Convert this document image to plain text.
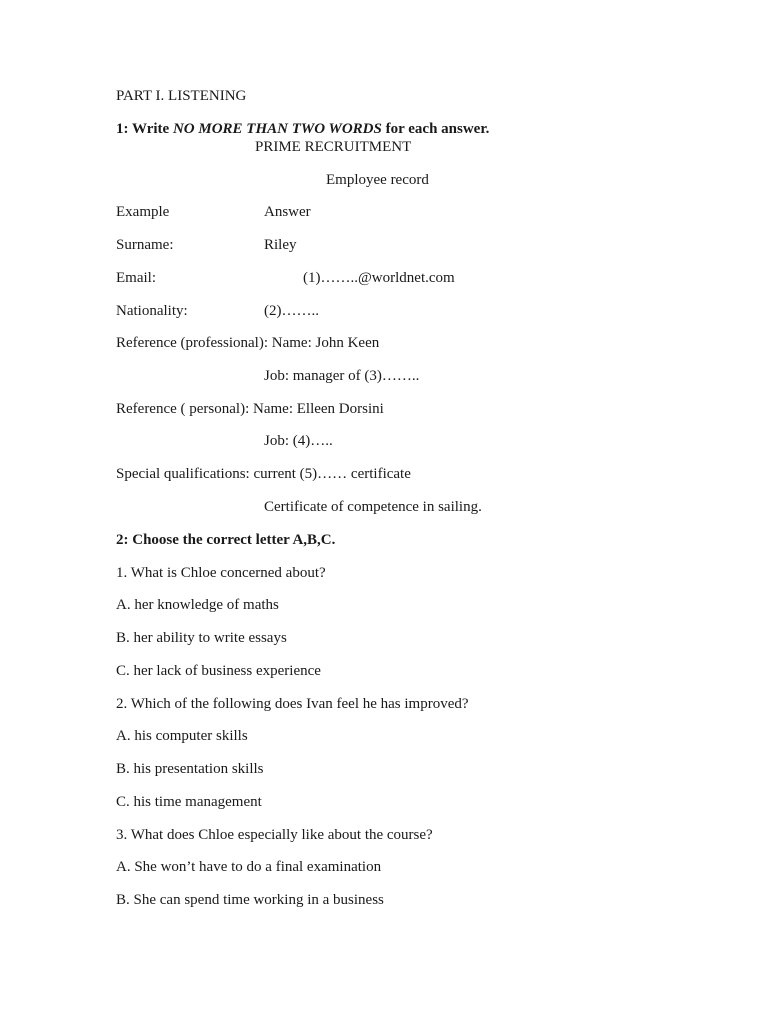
PART I. LISTENING
1: Write NO MORE THAN TWO WORDS for each answer.
PRIME RECRUITMENT
Employee record
Example	Answer
Surname:	Riley
Email:	(1)……..@worldnet.com
Nationality:	(2)……..
Reference (professional): Name: John Keen
Job: manager of (3)……..
Reference ( personal): Name: Elleen Dorsini
Job: (4)…..
Special qualifications: current (5)…… certificate
Certificate of competence in sailing.
2: Choose the correct letter A,B,C.
1. What is Chloe concerned about?
A. her knowledge of maths
B. her ability to write essays
C. her lack of business experience
2. Which of the following does Ivan feel he has improved?
A. his computer skills
B. his presentation skills
C. his time management
3. What does Chloe especially like about the course?
A. She won’t have to do a final examination
B. She can spend time working in a business
